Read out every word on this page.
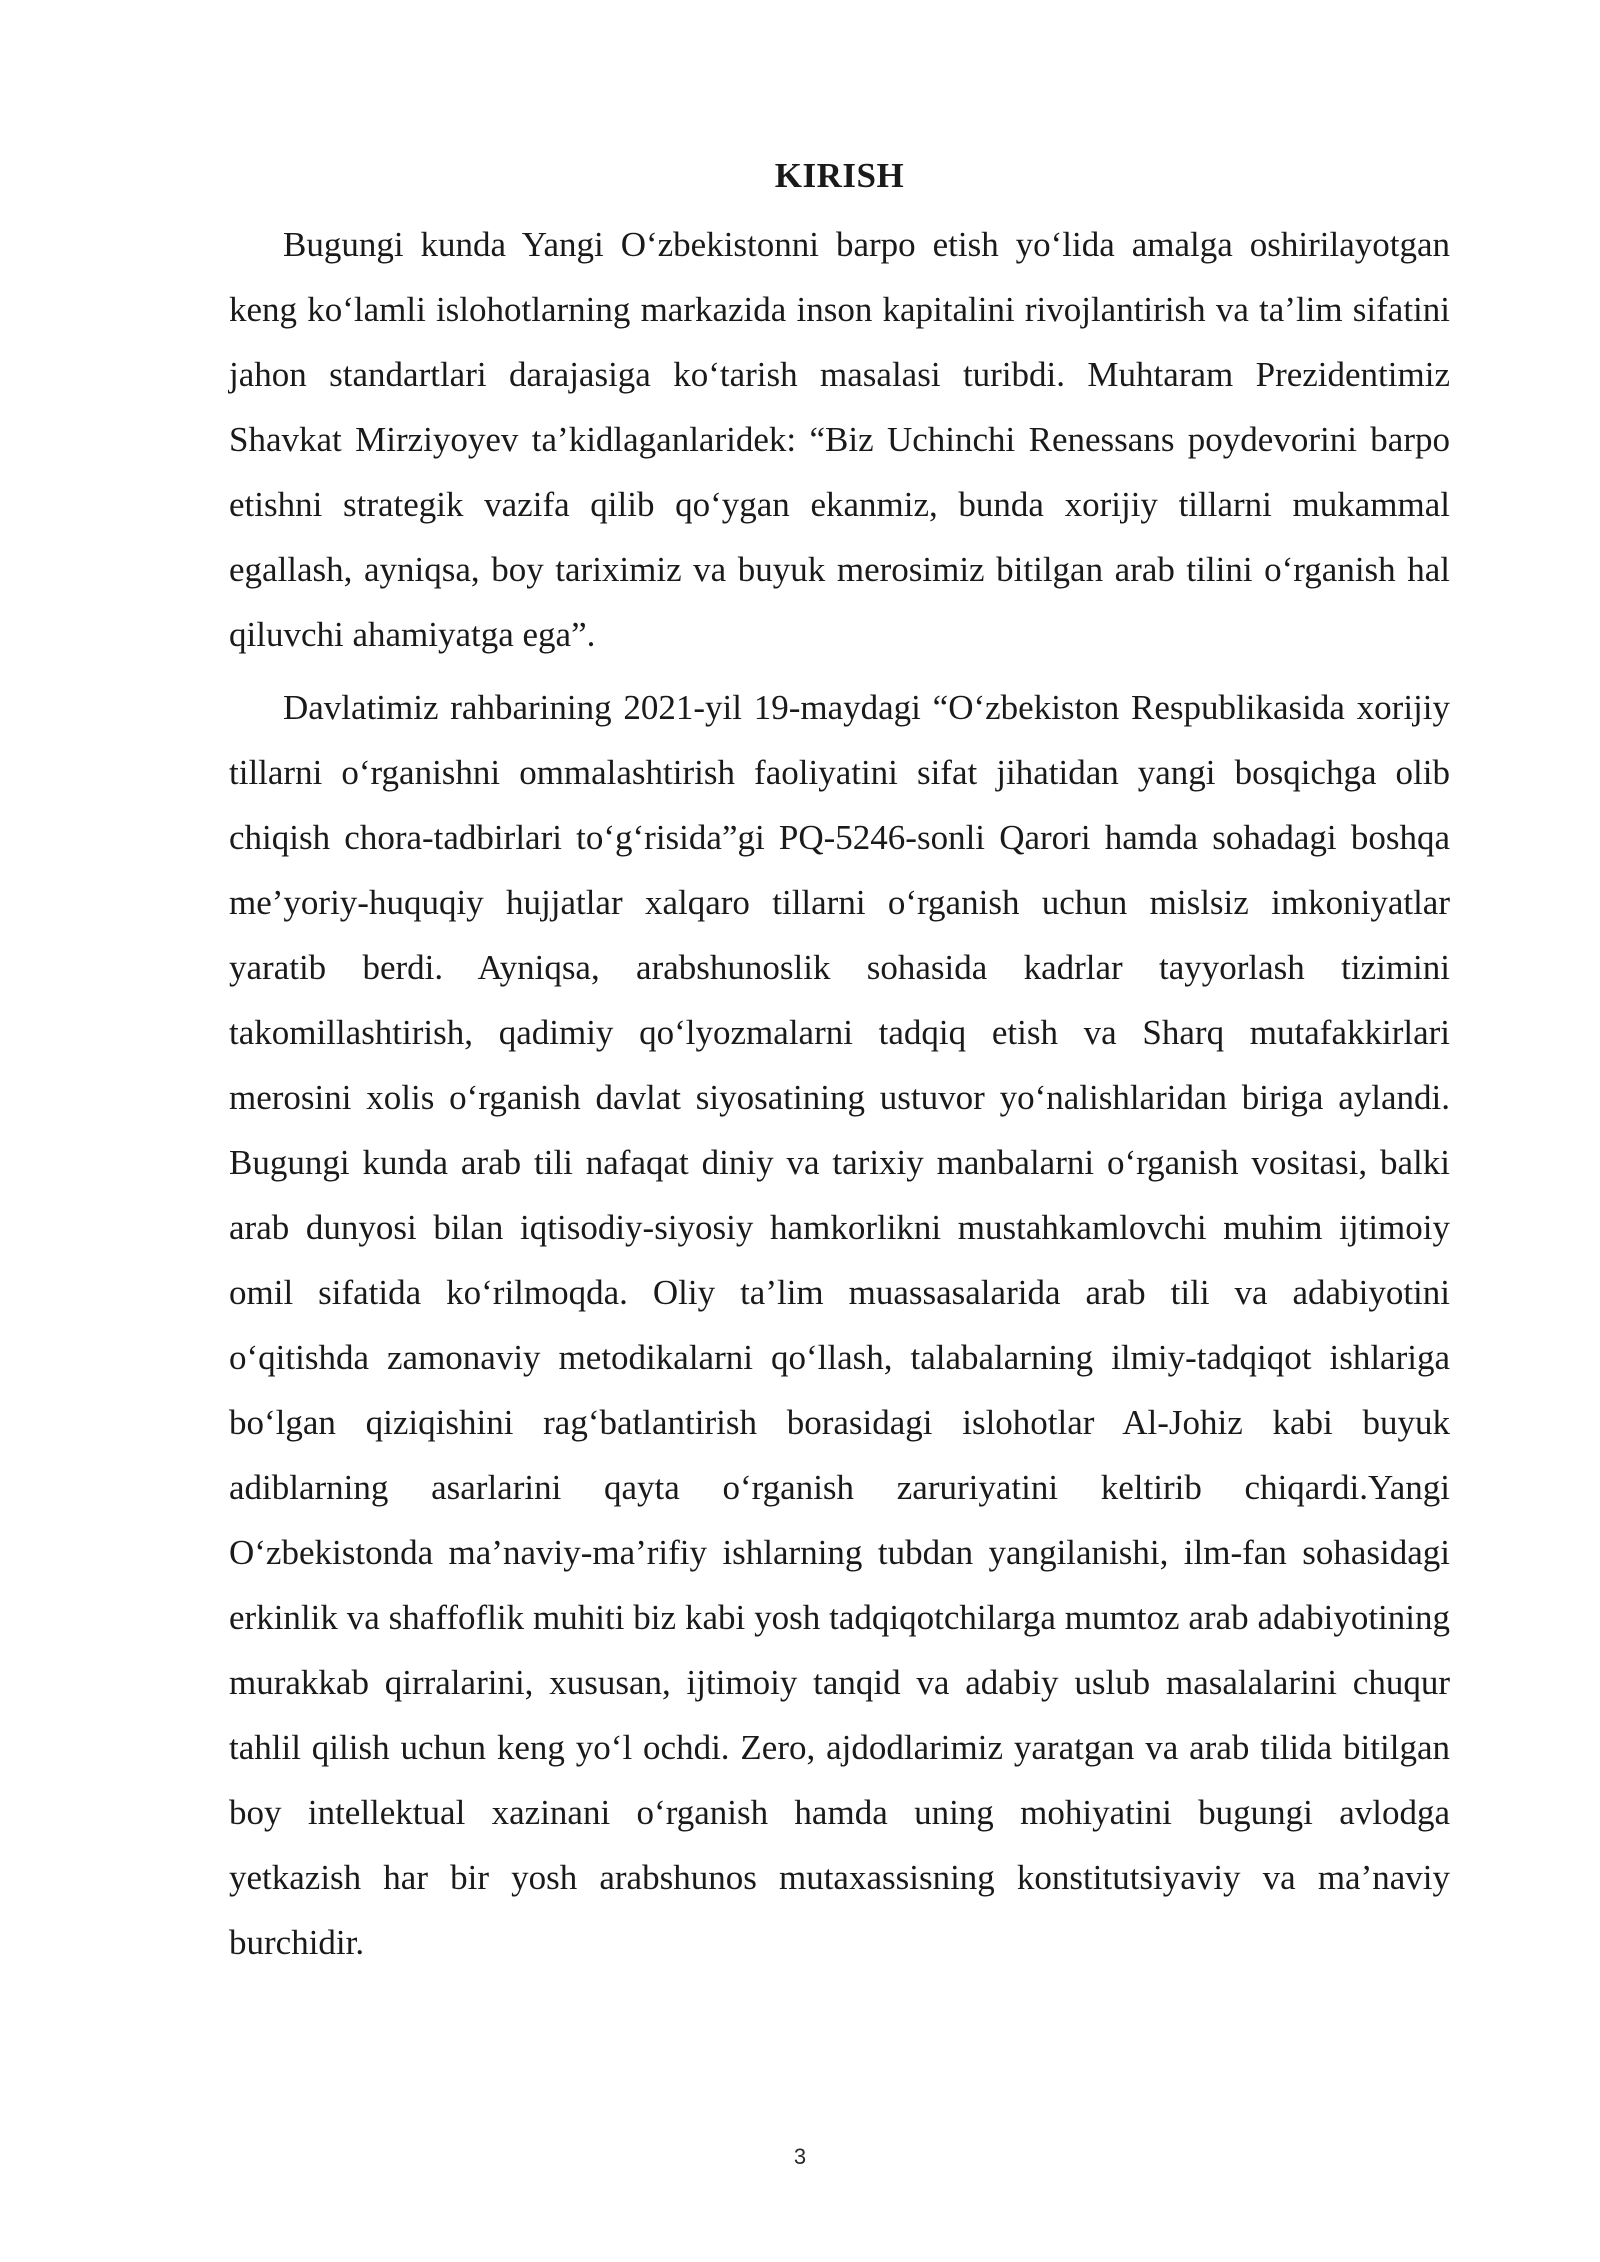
KIRISH

Bugungi kunda Yangi O‘zbekistonni barpo etish yo‘lida amalga oshirilayotgan keng ko‘lamli islohotlarning markazida inson kapitalini rivojlantirish va ta’lim sifatini jahon standartlari darajasiga ko‘tarish masalasi turibdi. Muhtaram Prezidentimiz Shavkat Mirziyoyev ta’kidlaganlaridek: “Biz Uchinchi Renessans poydevorini barpo etishni strategik vazifa qilib qo‘ygan ekanmiz, bunda xorijiy tillarni mukammal egallash, ayniqsa, boy tariximiz va buyuk merosimiz bitilgan arab tilini o‘rganish hal qiluvchi ahamiyatga ega”.

Davlatimiz rahbarining 2021-yil 19-maydagi “O‘zbekiston Respublikasida xorijiy tillarni o‘rganishni ommalashtirish faoliyatini sifat jihatidan yangi bosqichga olib chiqish chora-tadbirlari to‘g‘risida”gi PQ-5246-sonli Qarori hamda sohadagi boshqa me’yoriy-huquqiy hujjatlar xalqaro tillarni o‘rganish uchun mislsiz imkoniyatlar yaratib berdi. Ayniqsa, arabshunoslik sohasida kadrlar tayyorlash tizimini takomillashtirish, qadimiy qo‘lyozmalarni tadqiq etish va Sharq mutafakkirlari merosini xolis o‘rganish davlat siyosatining ustuvor yo‘nalishlaridan biriga aylandi. Bugungi kunda arab tili nafaqat diniy va tarixiy manbalarni o‘rganish vositasi, balki arab dunyosi bilan iqtisodiy-siyosiy hamkorlikni mustahkamlovchi muhim ijtimoiy omil sifatida ko‘rilmoqda. Oliy ta’lim muassasalarida arab tili va adabiyotini o‘qitishda zamonaviy metodikalarni qo‘llash, talabalarning ilmiy-tadqiqot ishlariga bo‘lgan qiziqishini rag‘batlantirish borasidagi islohotlar Al-Johiz kabi buyuk adiblarning asarlarini qayta o‘rganish zaruriyatini keltirib chiqardi.Yangi O‘zbekistonda ma’naviy-ma’rifiy ishlarning tubdan yangilanishi, ilm-fan sohasidagi erkinlik va shaffoflik muhiti biz kabi yosh tadqiqotchilarga mumtoz arab adabiyotining murakkab qirralarini, xususan, ijtimoiy tanqid va adabiy uslub masalalarini chuqur tahlil qilish uchun keng yo‘l ochdi. Zero, ajdodlarimiz yaratgan va arab tilida bitilgan boy intellektual xazinani o‘rganish hamda uning mohiyatini bugungi avlodga yetkazish har bir yosh arabshunos mutaxassisning konstitutsiyaviy va ma’naviy burchidir.

3
